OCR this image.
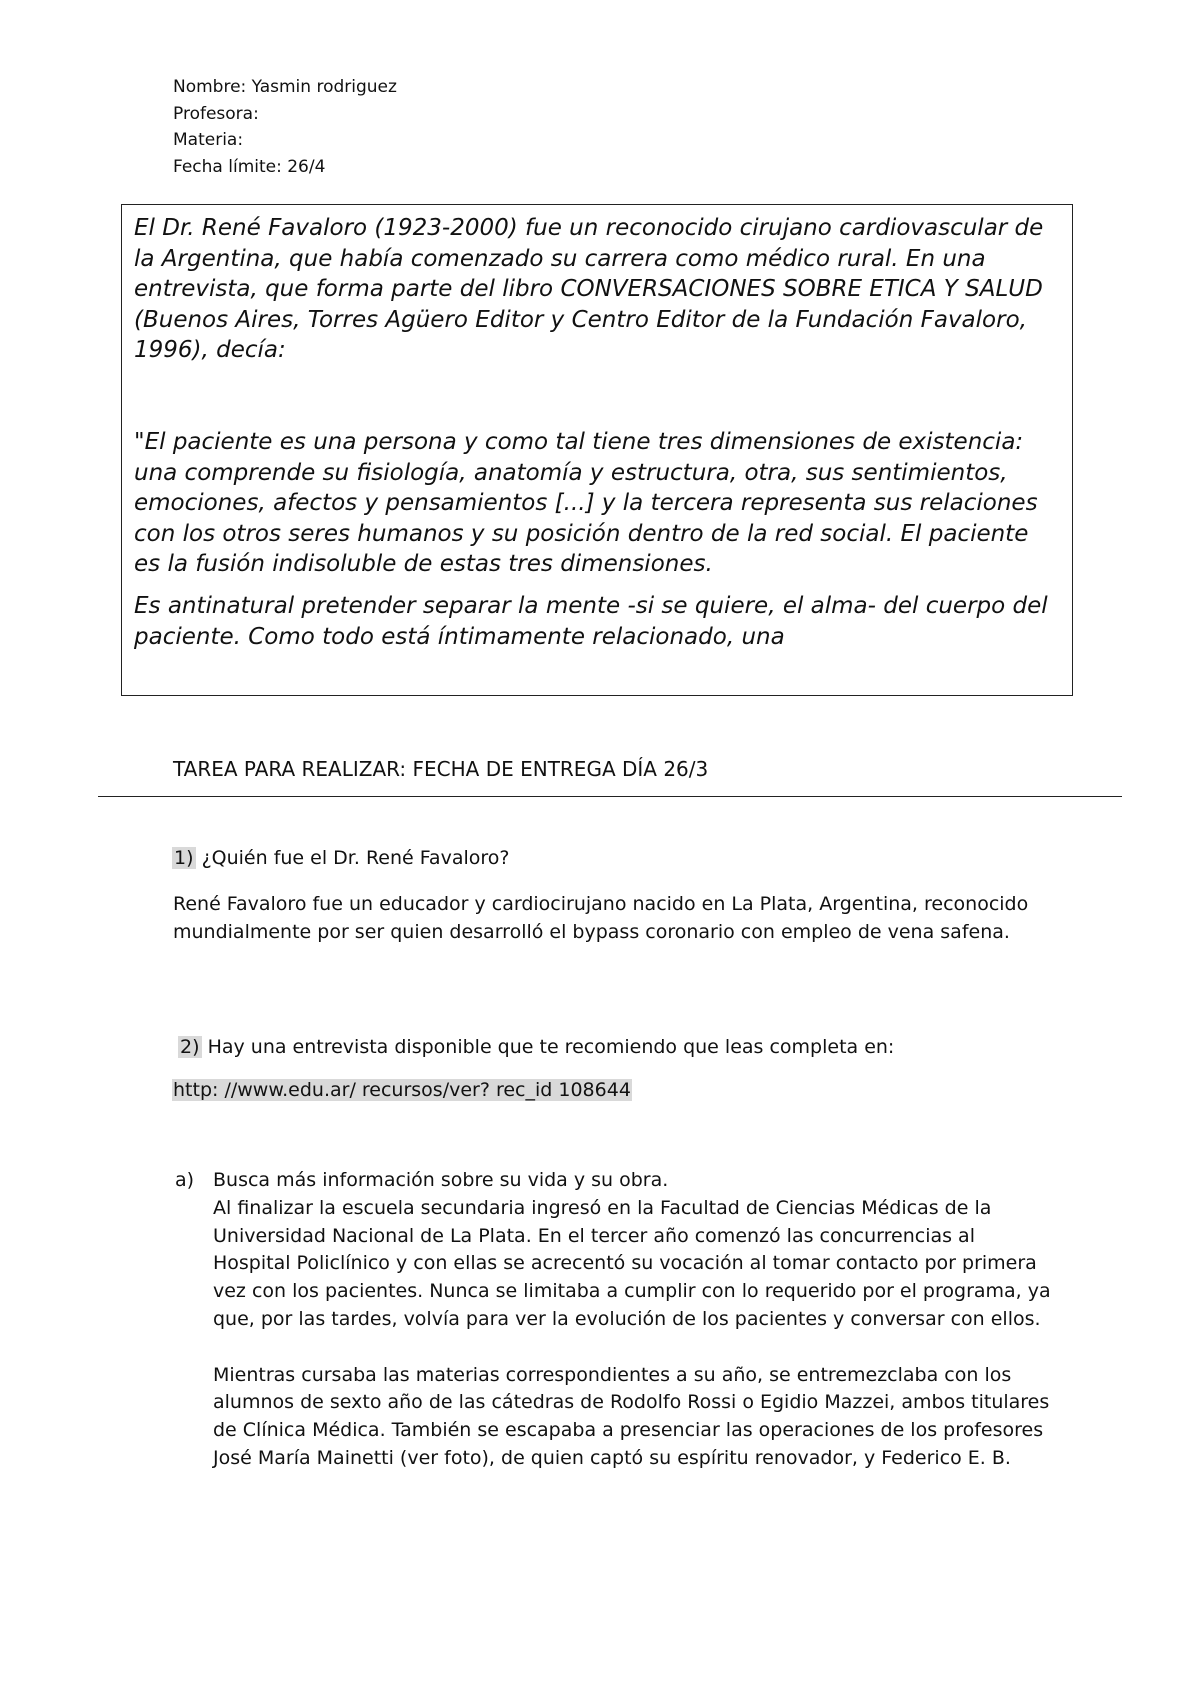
Nombre: Yasmin rodriguez
Profesora:
Materia:
Fecha límite: 26/4

El Dr. René Favaloro (1923-2000) fue un reconocido cirujano cardiovascular de la Argentina, que había comenzado su carrera como médico rural. En una entrevista, que forma parte del libro CONVERSACIONES SOBRE ETICA Y SALUD (Buenos Aires, Torres Agüero Editor y Centro Editor de la Fundación Favaloro, 1996), decía:

"El paciente es una persona y como tal tiene tres dimensiones de existencia: una comprende su fisiología, anatomía y estructura, otra, sus sentimientos, emociones, afectos y pensamientos [...] y la tercera representa sus relaciones con los otros seres humanos y su posición dentro de la red social. El paciente es la fusión indisoluble de estas tres dimensiones.

Es antinatural pretender separar la mente -si se quiere, el alma- del cuerpo del paciente. Como todo está íntimamente relacionado, una

TAREA PARA REALIZAR: FECHA DE ENTREGA DÍA 26/3
1) ¿Quién fue el Dr. René Favaloro?

René Favaloro fue un educador y cardiocirujano nacido en La Plata, Argentina, reconocido mundialmente por ser quien desarrolló el bypass coronario con empleo de vena safena.

2) Hay una entrevista disponible que te recomiendo que leas completa en:
http: //www.edu.ar/ recursos/ver? rec_id 108644
a) Busca más información sobre su vida y su obra.

Al finalizar la escuela secundaria ingresó en la Facultad de Ciencias Médicas de la Universidad Nacional de La Plata. En el tercer año comenzó las concurrencias al Hospital Policlínico y con ellas se acrecentó su vocación al tomar contacto por primera vez con los pacientes. Nunca se limitaba a cumplir con lo requerido por el programa, ya que, por las tardes, volvía para ver la evolución de los pacientes y conversar con ellos.

Mientras cursaba las materias correspondientes a su año, se entremezclaba con los alumnos de sexto año de las cátedras de Rodolfo Rossi o Egidio Mazzei, ambos titulares de Clínica Médica. También se escapaba a presenciar las operaciones de los profesores José María Mainetti (ver foto), de quien captó su espíritu renovador, y Federico E. B.
